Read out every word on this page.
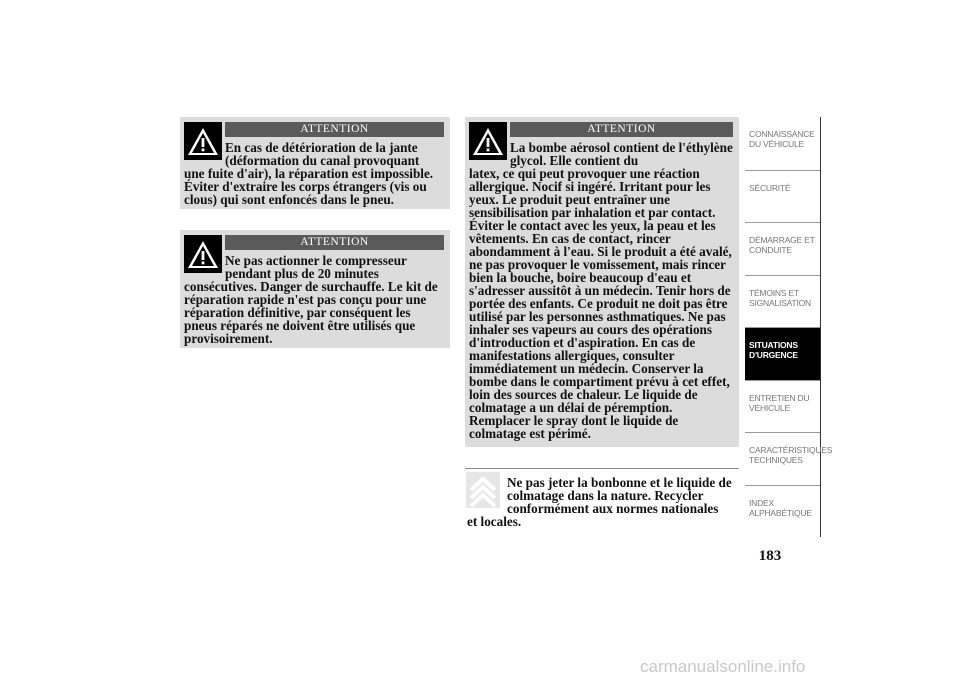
ATTENTION
En cas de détérioration de la jante (déformation du canal provoquant
une fuite d'air), la réparation est impossible. Éviter d'extraire les corps étrangers (vis ou clous) qui sont enfoncés dans le pneu.
ATTENTION
Ne pas actionner le compresseur pendant plus de 20 minutes
consécutives. Danger de surchauffe. Le kit de réparation rapide n'est pas conçu pour une réparation définitive, par conséquent les pneus réparés ne doivent être utilisés que provisoirement.
ATTENTION
La bombe aérosol contient de l'éthylène glycol. Elle contient du
latex, ce qui peut provoquer une réaction allergique. Nocif si ingéré. Irritant pour les yeux. Le produit peut entraîner une sensibilisation par inhalation et par contact. Éviter le contact avec les yeux, la peau et les vêtements. En cas de contact, rincer abondamment à l'eau. Si le produit a été avalé, ne pas provoquer le vomissement, mais rincer bien la bouche, boire beaucoup d'eau et s'adresser aussitôt à un médecin. Tenir hors de portée des enfants. Ce produit ne doit pas être utilisé par les personnes asthmatiques. Ne pas inhaler ses vapeurs au cours des opérations d'introduction et d'aspiration. En cas de manifestations allergiques, consulter immédiatement un médecin. Conserver la bombe dans le compartiment prévu à cet effet, loin des sources de chaleur. Le liquide de colmatage a un délai de péremption. Remplacer le spray dont le liquide de colmatage est périmé.
Ne pas jeter la bonbonne et le liquide de colmatage dans la nature. Recycler conformément aux normes nationales
et locales.
CONNAISSANCE DU VÉHICULE
SÉCURITÉ
DÉMARRAGE ET CONDUITE
TÉMOINS ET SIGNALISATION
SITUATIONS D'URGENCE
ENTRETIEN DU VÉHICULE
CARACTÉRISTIQUES TECHNIQUES
INDEX ALPHABÉTIQUE
183
carmanualsonline.info
